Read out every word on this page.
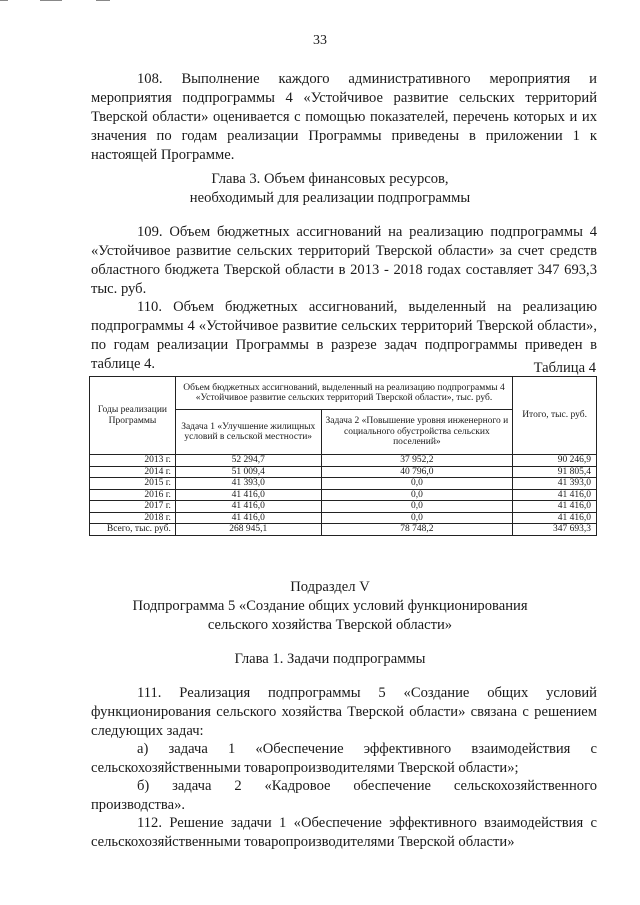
33
108. Выполнение каждого административного мероприятия и мероприятия подпрограммы 4 «Устойчивое развитие сельских территорий Тверской области» оценивается с помощью показателей, перечень которых и их значения по годам реализации Программы приведены в приложении 1 к настоящей Программе.
Глава 3. Объем финансовых ресурсов,
необходимый для реализации подпрограммы
109. Объем бюджетных ассигнований на реализацию подпрограммы 4 «Устойчивое развитие сельских территорий Тверской области» за счет средств областного бюджета Тверской области в 2013 - 2018 годах составляет 347 693,3 тыс. руб.
110. Объем бюджетных ассигнований, выделенный на реализацию подпрограммы 4 «Устойчивое развитие сельских территорий Тверской области», по годам реализации Программы в разрезе задач подпрограммы приведен в таблице 4.	Таблица 4
Годы реализации Программы	Объем бюджетных ассигнований, выделенный на реализацию подпрограммы 4 «Устойчивое развитие сельских территорий Тверской области», тыс. руб.		Итого, тыс. руб.
	Задача 1 «Улучшение жилищных условий в сельской местности»	Задача 2 «Повышение уровня инженерного и социального обустройства сельских поселений»	
2013 г.	52 294,7	37 952,2	90 246,9
2014 г.	51 009,4	40 796,0	91 805,4
2015 г.	41 393,0	0,0	41 393,0
2016 г.	41 416,0	0,0	41 416,0
2017 г.	41 416,0	0,0	41 416,0
2018 г.	41 416,0	0,0	41 416,0
Всего, тыс. руб.	268 945,1	78 748,2	347 693,3
Подраздел V
Подпрограмма 5 «Создание общих условий функционирования
сельского хозяйства Тверской области»
Глава 1. Задачи подпрограммы
111. Реализация подпрограммы 5 «Создание общих условий функционирования сельского хозяйства Тверской области» связана с решением следующих задач:
а) задача 1 «Обеспечение эффективного взаимодействия с сельскохозяйственными товаропроизводителями Тверской области»;
б) задача 2 «Кадровое обеспечение сельскохозяйственного производства».
112. Решение задачи 1 «Обеспечение эффективного взаимодействия с сельскохозяйственными товаропроизводителями Тверской области»
